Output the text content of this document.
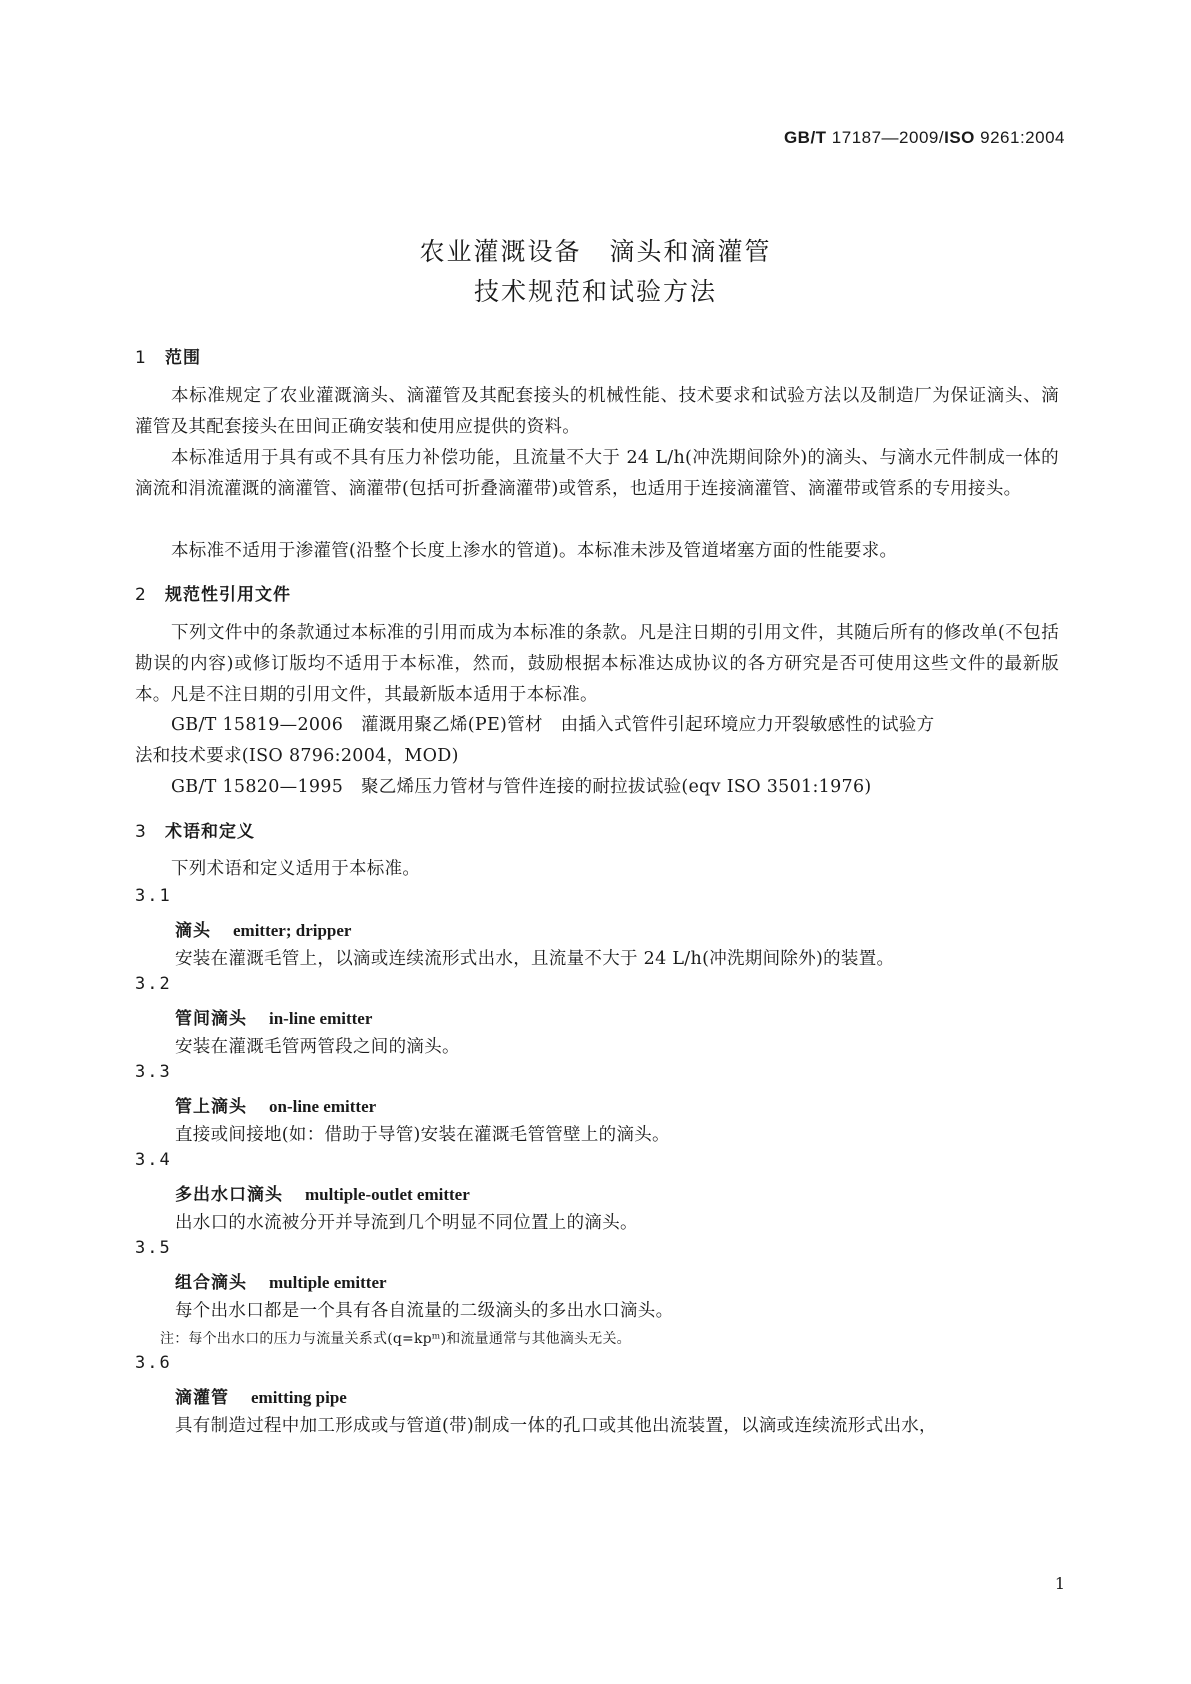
GB/T 17187—2009/ISO 9261:2004
农业灌溉设备 滴头和滴灌管
技术规范和试验方法
1 范围
本标准规定了农业灌溉滴头、滴灌管及其配套接头的机械性能、技术要求和试验方法以及制造厂为保证滴头、滴灌管及其配套接头在田间正确安装和使用应提供的资料。
本标准适用于具有或不具有压力补偿功能，且流量不大于 24 L/h(冲洗期间除外)的滴头、与滴水元件制成一体的滴流和涓流灌溉的滴灌管、滴灌带(包括可折叠滴灌带)或管系，也适用于连接滴灌管、滴灌带或管系的专用接头。
本标准不适用于渗灌管(沿整个长度上渗水的管道)。本标准未涉及管道堵塞方面的性能要求。
2 规范性引用文件
下列文件中的条款通过本标准的引用而成为本标准的条款。凡是注日期的引用文件，其随后所有的修改单(不包括勘误的内容)或修订版均不适用于本标准，然而，鼓励根据本标准达成协议的各方研究是否可使用这些文件的最新版本。凡是不注日期的引用文件，其最新版本适用于本标准。
GB/T 15819—2006　灌溉用聚乙烯(PE)管材　由插入式管件引起环境应力开裂敏感性的试验方
法和技术要求(ISO 8796:2004，MOD)
GB/T 15820—1995　聚乙烯压力管材与管件连接的耐拉拔试验(eqv ISO 3501:1976)
3 术语和定义
下列术语和定义适用于本标准。
3.1
滴头 emitter; dripper
安装在灌溉毛管上，以滴或连续流形式出水，且流量不大于 24 L/h(冲洗期间除外)的装置。
3.2
管间滴头 in-line emitter
安装在灌溉毛管两管段之间的滴头。
3.3
管上滴头 on-line emitter
直接或间接地(如：借助于导管)安装在灌溉毛管管壁上的滴头。
3.4
多出水口滴头 multiple-outlet emitter
出水口的水流被分开并导流到几个明显不同位置上的滴头。
3.5
组合滴头 multiple emitter
每个出水口都是一个具有各自流量的二级滴头的多出水口滴头。
注：每个出水口的压力与流量关系式(q=kpᵐ)和流量通常与其他滴头无关。
3.6
滴灌管 emitting pipe
具有制造过程中加工形成或与管道(带)制成一体的孔口或其他出流装置，以滴或连续流形式出水，
1
